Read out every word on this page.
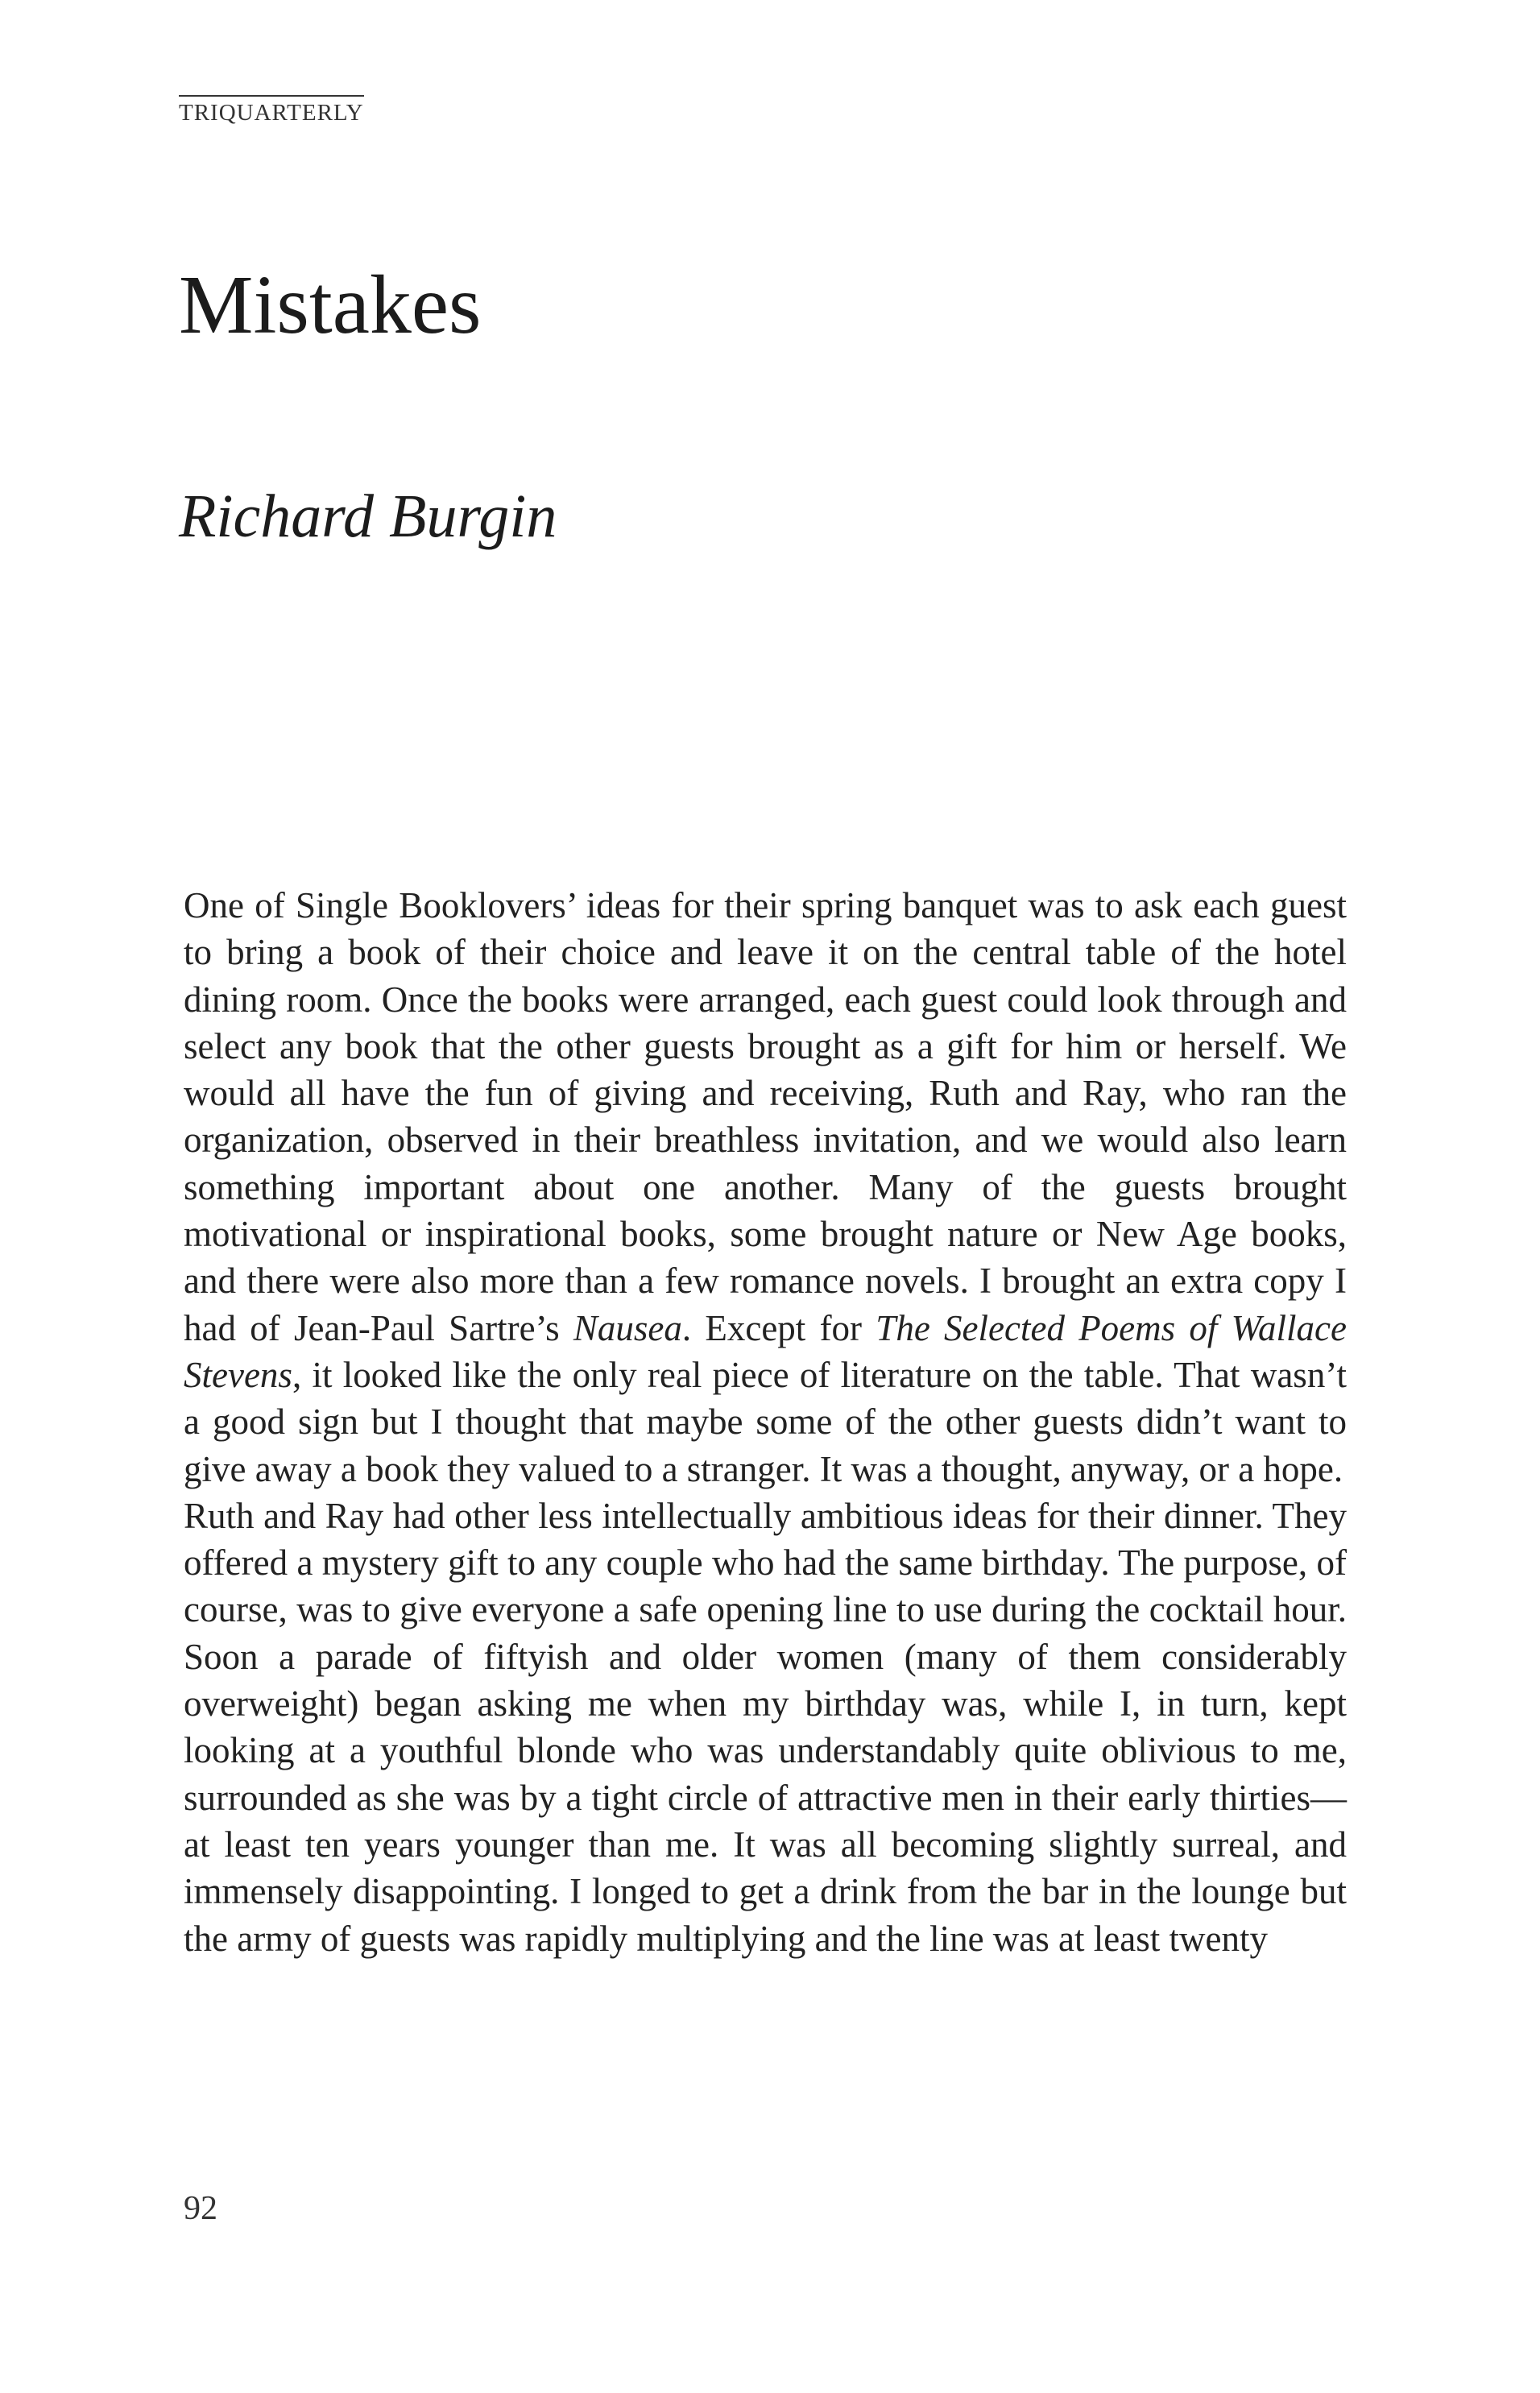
TRIQUARTERLY
Mistakes
Richard Burgin

One of Single Booklovers’ ideas for their spring banquet was to ask each guest to bring a book of their choice and leave it on the central table of the hotel dining room. Once the books were arranged, each guest could look through and select any book that the other guests brought as a gift for him or herself. We would all have the fun of giving and receiving, Ruth and Ray, who ran the organization, observed in their breathless invitation, and we would also learn something important about one another. Many of the guests brought motivational or inspirational books, some brought nature or New Age books, and there were also more than a few romance novels. I brought an extra copy I had of Jean-Paul Sartre’s Nausea. Except for The Selected Poems of Wallace Stevens, it looked like the only real piece of literature on the table. That wasn’t a good sign but I thought that maybe some of the other guests didn’t want to give away a book they valued to a stranger. It was a thought, anyway, or a hope.

Ruth and Ray had other less intellectually ambitious ideas for their dinner. They offered a mystery gift to any couple who had the same birthday. The purpose, of course, was to give everyone a safe opening line to use during the cocktail hour. Soon a parade of fiftyish and older women (many of them considerably overweight) began asking me when my birthday was, while I, in turn, kept looking at a youthful blonde who was understandably quite oblivious to me, surrounded as she was by a tight circle of attractive men in their early thirties—at least ten years younger than me. It was all becoming slightly surreal, and immensely disappointing. I longed to get a drink from the bar in the lounge but the army of guests was rapidly multiplying and the line was at least twenty

92
